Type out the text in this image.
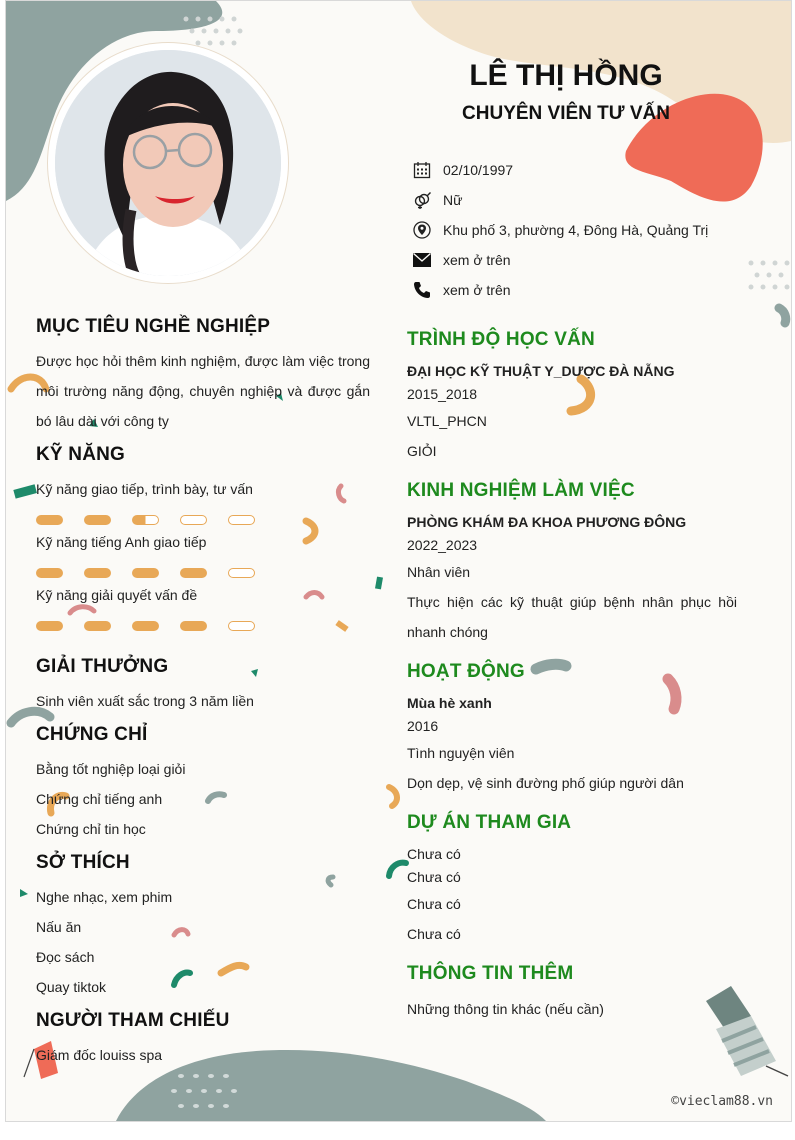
LÊ THỊ HỒNG
CHUYÊN VIÊN TƯ VẤN
02/10/1997
Nữ
Khu phố 3, phường 4, Đông Hà, Quảng Trị
xem ở trên
xem ở trên
MỤC TIÊU NGHỀ NGHIỆP
Được học hỏi thêm kinh nghiệm, được làm việc trong môi trường năng động, chuyên nghiệp và được gắn bó lâu dài với công ty
KỸ NĂNG
Kỹ năng giao tiếp, trình bày, tư vấn
Kỹ năng tiếng Anh giao tiếp
Kỹ năng giải quyết vấn đề
GIẢI THƯỞNG
Sinh viên xuất sắc trong 3 năm liền
CHỨNG CHỈ
Bằng tốt nghiệp loại giỏi
Chứng chỉ tiếng anh
Chứng chỉ tin học
SỞ THÍCH
Nghe nhạc, xem phim
Nấu ăn
Đọc sách
Quay tiktok
NGƯỜI THAM CHIẾU
Giám đốc louiss spa
TRÌNH ĐỘ HỌC VẤN
ĐẠI HỌC KỸ THUẬT Y_DƯỢC ĐÀ NẴNG
2015_2018
VLTL_PHCN
GIỎI
KINH NGHIỆM LÀM VIỆC
PHÒNG KHÁM ĐA KHOA PHƯƠNG ĐÔNG
2022_2023
Nhân viên
Thực hiện các kỹ thuật giúp bệnh nhân phục hồi nhanh chóng
HOẠT ĐỘNG
Mùa hè xanh
2016
Tình nguyện viên
Dọn dẹp, vệ sinh đường phố giúp người dân
DỰ ÁN THAM GIA
Chưa có
Chưa có
Chưa có
Chưa có
THÔNG TIN THÊM
Những thông tin khác (nếu cần)
©vieclam88.vn
